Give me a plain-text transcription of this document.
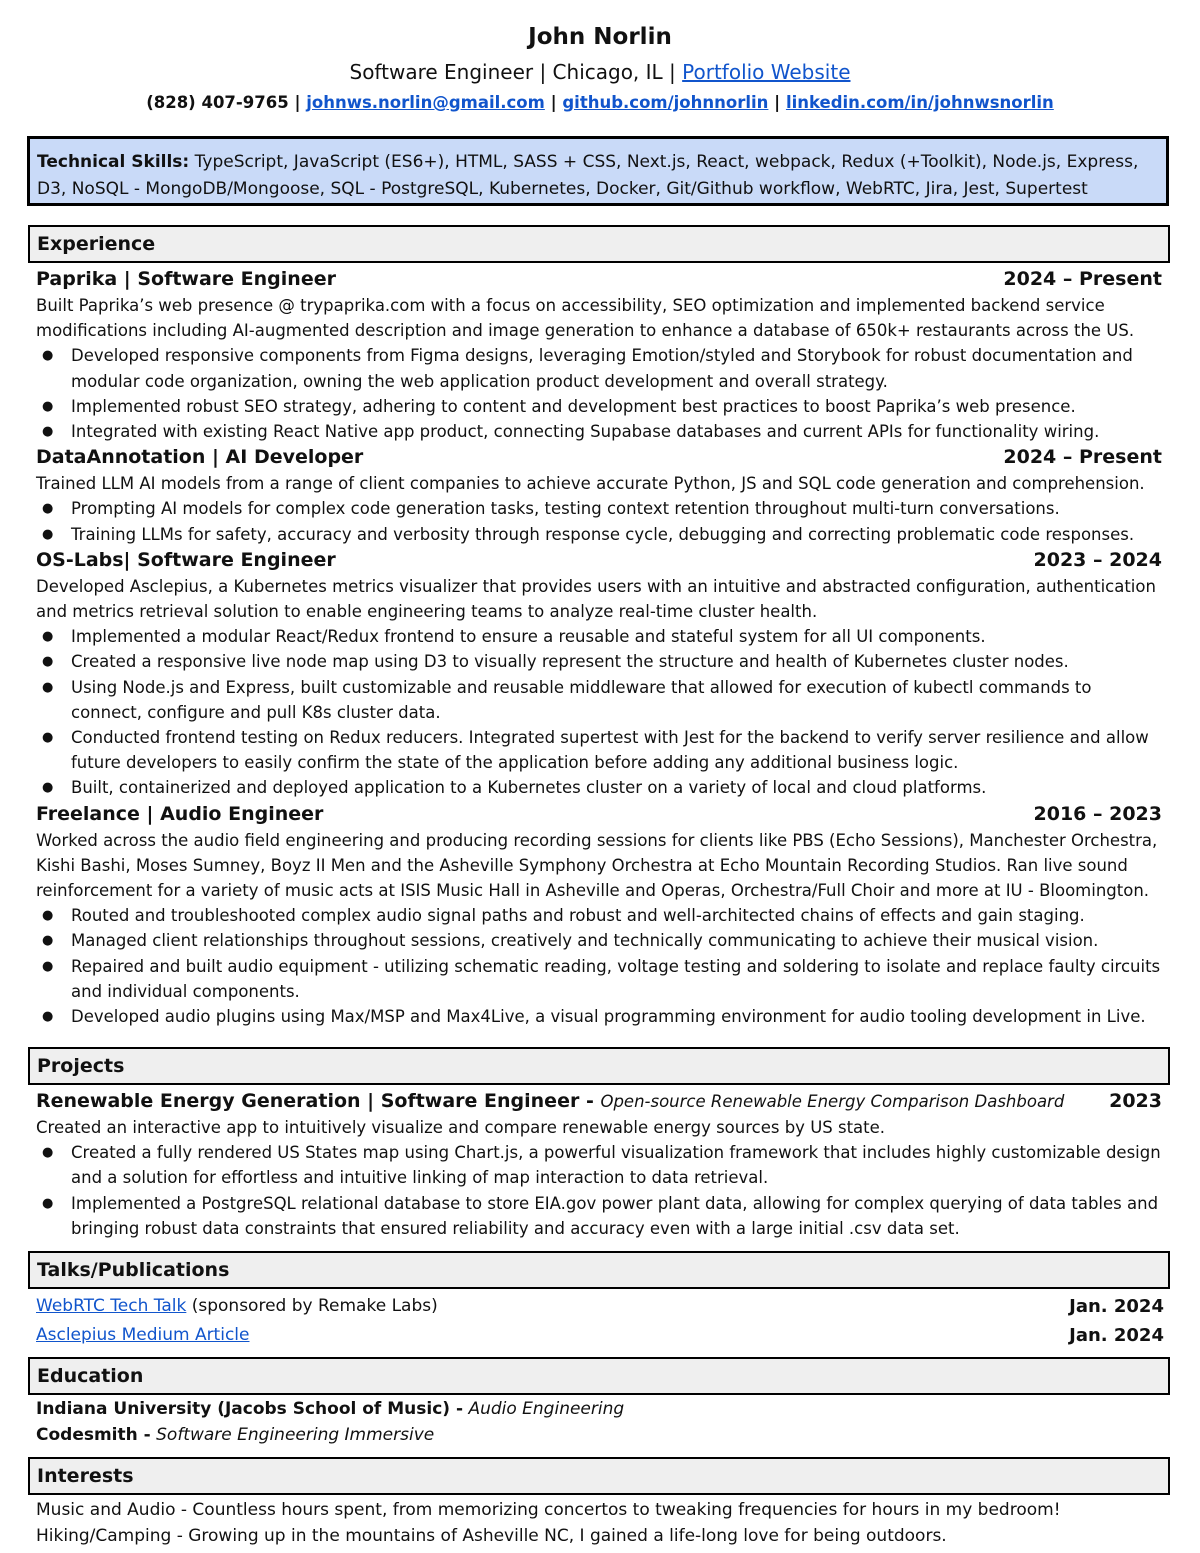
John Norlin
Software Engineer | Chicago, IL | Portfolio Website
(828) 407-9765 | johnws.norlin@gmail.com | github.com/johnnorlin | linkedin.com/in/johnwsnorlin
Technical Skills: TypeScript, JavaScript (ES6+), HTML, SASS + CSS, Next.js, React, webpack, Redux (+Toolkit), Node.js, Express, D3, NoSQL - MongoDB/Mongoose, SQL - PostgreSQL, Kubernetes, Docker, Git/Github workflow, WebRTC, Jira, Jest, Supertest
Experience
Paprika | Software Engineer	2024 – Present

Built Paprika’s web presence @ trypaprika.com with a focus on accessibility, SEO optimization and implemented backend service modifications including AI-augmented description and image generation to enhance a database of 650k+ restaurants across the US.

● Developed responsive components from Figma designs, leveraging Emotion/styled and Storybook for robust documentation and modular code organization, owning the web application product development and overall strategy.
● Implemented robust SEO strategy, adhering to content and development best practices to boost Paprika’s web presence.
● Integrated with existing React Native app product, connecting Supabase databases and current APIs for functionality wiring.
DataAnnotation | AI Developer	2024 – Present

Trained LLM AI models from a range of client companies to achieve accurate Python, JS and SQL code generation and comprehension.

● Prompting AI models for complex code generation tasks, testing context retention throughout multi-turn conversations.
● Training LLMs for safety, accuracy and verbosity through response cycle, debugging and correcting problematic code responses.
OS-Labs| Software Engineer	2023 – 2024

Developed Asclepius, a Kubernetes metrics visualizer that provides users with an intuitive and abstracted configuration, authentication and metrics retrieval solution to enable engineering teams to analyze real-time cluster health.

● Implemented a modular React/Redux frontend to ensure a reusable and stateful system for all UI components.
● Created a responsive live node map using D3 to visually represent the structure and health of Kubernetes cluster nodes.
● Using Node.js and Express, built customizable and reusable middleware that allowed for execution of kubectl commands to connect, configure and pull K8s cluster data.
● Conducted frontend testing on Redux reducers. Integrated supertest with Jest for the backend to verify server resilience and allow future developers to easily confirm the state of the application before adding any additional business logic.
● Built, containerized and deployed application to a Kubernetes cluster on a variety of local and cloud platforms.
Freelance | Audio Engineer	2016 – 2023

Worked across the audio field engineering and producing recording sessions for clients like PBS (Echo Sessions), Manchester Orchestra, Kishi Bashi, Moses Sumney, Boyz II Men and the Asheville Symphony Orchestra at Echo Mountain Recording Studios. Ran live sound reinforcement for a variety of music acts at ISIS Music Hall in Asheville and Operas, Orchestra/Full Choir and more at IU - Bloomington.

● Routed and troubleshooted complex audio signal paths and robust and well-architected chains of effects and gain staging.
● Managed client relationships throughout sessions, creatively and technically communicating to achieve their musical vision.
● Repaired and built audio equipment - utilizing schematic reading, voltage testing and soldering to isolate and replace faulty circuits and individual components.
● Developed audio plugins using Max/MSP and Max4Live, a visual programming environment for audio tooling development in Live.
Projects
Renewable Energy Generation | Software Engineer - Open-source Renewable Energy Comparison Dashboard 2023

Created an interactive app to intuitively visualize and compare renewable energy sources by US state.

● Created a fully rendered US States map using Chart.js, a powerful visualization framework that includes highly customizable design and a solution for effortless and intuitive linking of map interaction to data retrieval.
● Implemented a PostgreSQL relational database to store EIA.gov power plant data, allowing for complex querying of data tables and bringing robust data constraints that ensured reliability and accuracy even with a large initial .csv data set.
Talks/Publications
WebRTC Tech Talk (sponsored by Remake Labs)	Jan. 2024
Asclepius Medium Article	Jan. 2024
Education
Indiana University (Jacobs School of Music) - Audio Engineering
Codesmith - Software Engineering Immersive
Interests
Music and Audio - Countless hours spent, from memorizing concertos to tweaking frequencies for hours in my bedroom!
Hiking/Camping - Growing up in the mountains of Asheville NC, I gained a life-long love for being outdoors.
